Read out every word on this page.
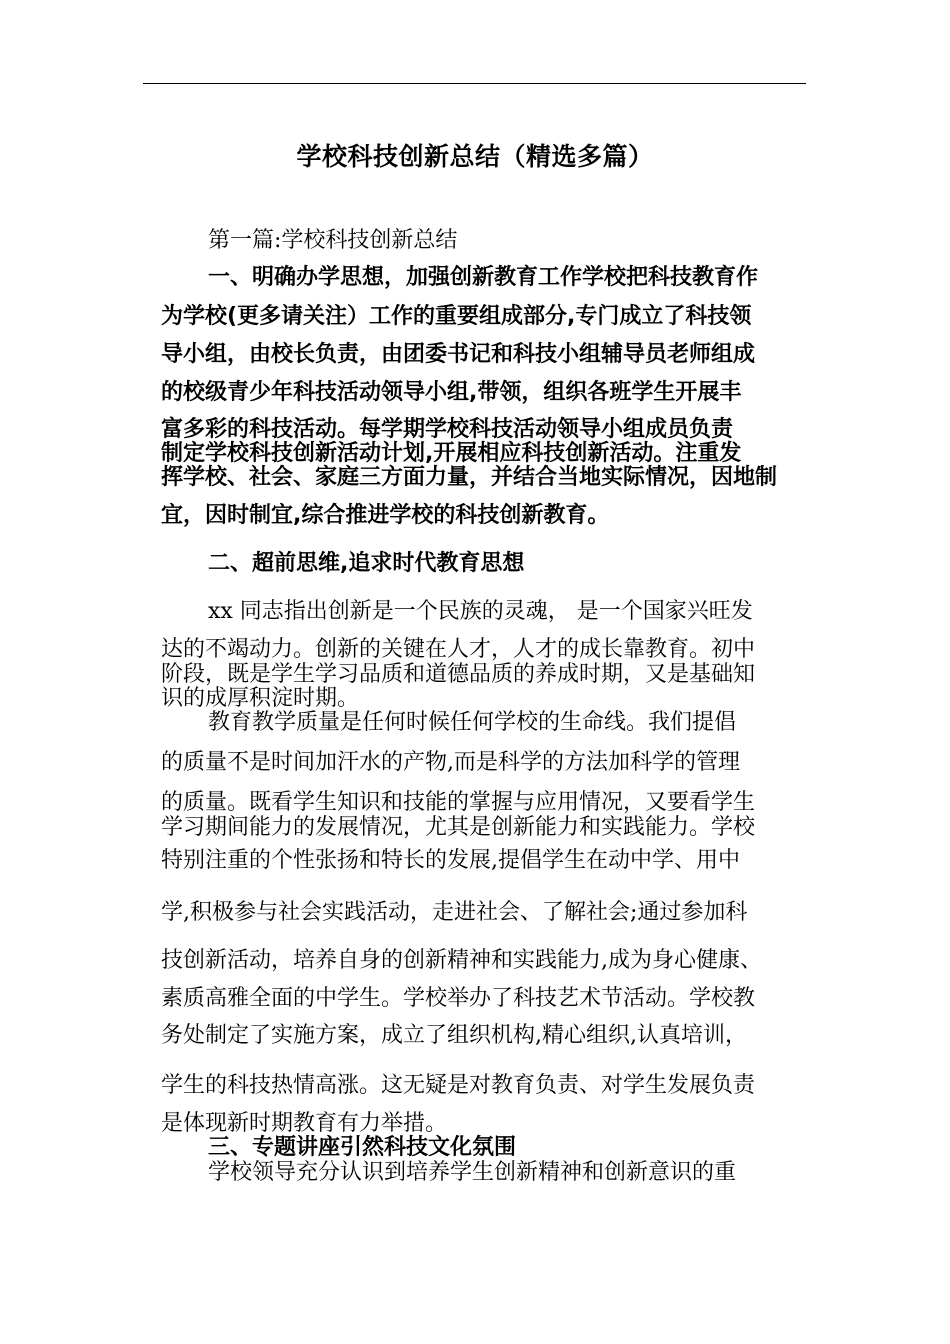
学校科技创新总结（精选多篇）

第一篇:学校科技创新总结

一、明确办学思想，加强创新教育工作学校把科技教育作

为学校(更多请关注）工作的重要组成部分,专门成立了科技领

导小组，由校长负责，由团委书记和科技小组辅导员老师组成

的校级青少年科技活动领导小组,带领，组织各班学生开展丰

富多彩的科技活动。每学期学校科技活动领导小组成员负责

制定学校科技创新活动计划,开展相应科技创新活动。注重发

挥学校、社会、家庭三方面力量，并结合当地实际情况，因地制

宜，因时制宜,综合推进学校的科技创新教育。

二、超前思维,追求时代教育思想

xx 同志指出创新是一个民族的灵魂， 是一个国家兴旺发

达的不竭动力。创新的关键在人才，人才的成长靠教育。初中

阶段，既是学生学习品质和道德品质的养成时期，又是基础知

识的成厚积淀时期。

教育教学质量是任何时候任何学校的生命线。我们提倡

的质量不是时间加汗水的产物,而是科学的方法加科学的管理

的质量。既看学生知识和技能的掌握与应用情况，又要看学生

学习期间能力的发展情况，尤其是创新能力和实践能力。学校

特别注重的个性张扬和特长的发展,提倡学生在动中学、用中

学,积极参与社会实践活动，走进社会、了解社会;通过参加科

技创新活动，培养自身的创新精神和实践能力,成为身心健康、

素质高雅全面的中学生。学校举办了科技艺术节活动。学校教

务处制定了实施方案，成立了组织机构,精心组织,认真培训，

学生的科技热情高涨。这无疑是对教育负责、对学生发展负责

是体现新时期教育有力举措。

三、专题讲座引然科技文化氛围

学校领导充分认识到培养学生创新精神和创新意识的重
